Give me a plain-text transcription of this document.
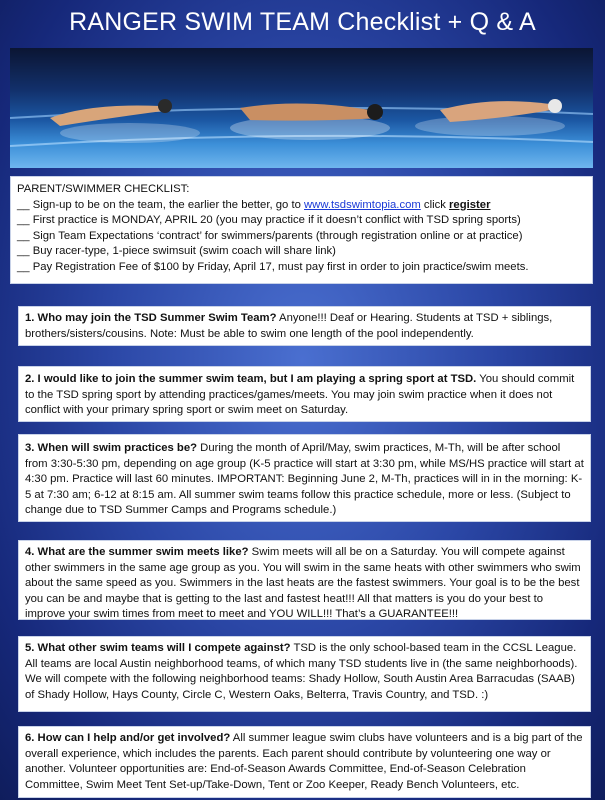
RANGER SWIM TEAM Checklist + Q & A
PARENT/SWIMMER CHECKLIST:
__ Sign-up to be on the team, the earlier the better, go to www.tsdswimtopia.com click register
__ First practice is MONDAY, APRIL 20 (you may practice if it doesn’t conflict with TSD spring sports)
__ Sign Team Expectations ‘contract’ for swimmers/parents (through registration online or at practice)
__ Buy racer-type, 1-piece swimsuit (swim coach will share link)
__ Pay Registration Fee of $100 by Friday, April 17, must pay first in order to join practice/swim meets.
1. Who may join the TSD Summer Swim Team? Anyone!!! Deaf or Hearing. Students at TSD + siblings, brothers/sisters/cousins. Note: Must be able to swim one length of the pool independently.
2. I would like to join the summer swim team, but I am playing a spring sport at TSD. You should commit to the TSD spring sport by attending practices/games/meets. You may join swim practice when it does not conflict with your primary spring sport or swim meet on Saturday.
3. When will swim practices be? During the month of April/May, swim practices, M-Th, will be after school from 3:30-5:30 pm, depending on age group (K-5 practice will start at 3:30 pm, while MS/HS practice will start at 4:30 pm. Practice will last 60 minutes. IMPORTANT: Beginning June 2, M-Th, practices will in in the morning: K-5 at 7:30 am; 6-12 at 8:15 am. All summer swim teams follow this practice schedule, more or less. (Subject to change due to TSD Summer Camps and Programs schedule.)
4. What are the summer swim meets like? Swim meets will all be on a Saturday. You will compete against other swimmers in the same age group as you. You will swim in the same heats with other swimmers who swim about the same speed as you. Swimmers in the last heats are the fastest swimmers. Your goal is to be the best you can be and maybe that is getting to the last and fastest heat!!! All that matters is you do your best to improve your swim times from meet to meet and YOU WILL!!! That’s a GUARANTEE!!!
5. What other swim teams will I compete against? TSD is the only school-based team in the CCSL League. All teams are local Austin neighborhood teams, of which many TSD students live in (the same neighborhoods). We will compete with the following neighborhood teams: Shady Hollow, South Austin Area Barracudas (SAAB) of Shady Hollow, Hays County, Circle C, Western Oaks, Belterra, Travis Country, and TSD. :)
6. How can I help and/or get involved? All summer league swim clubs have volunteers and is a big part of the overall experience, which includes the parents. Each parent should contribute by volunteering one way or another. Volunteer opportunities are: End-of-Season Awards Committee, End-of-Season Celebration Committee, Swim Meet Tent Set-up/Take-Down, Tent or Zoo Keeper, Ready Bench Volunteers, etc.
